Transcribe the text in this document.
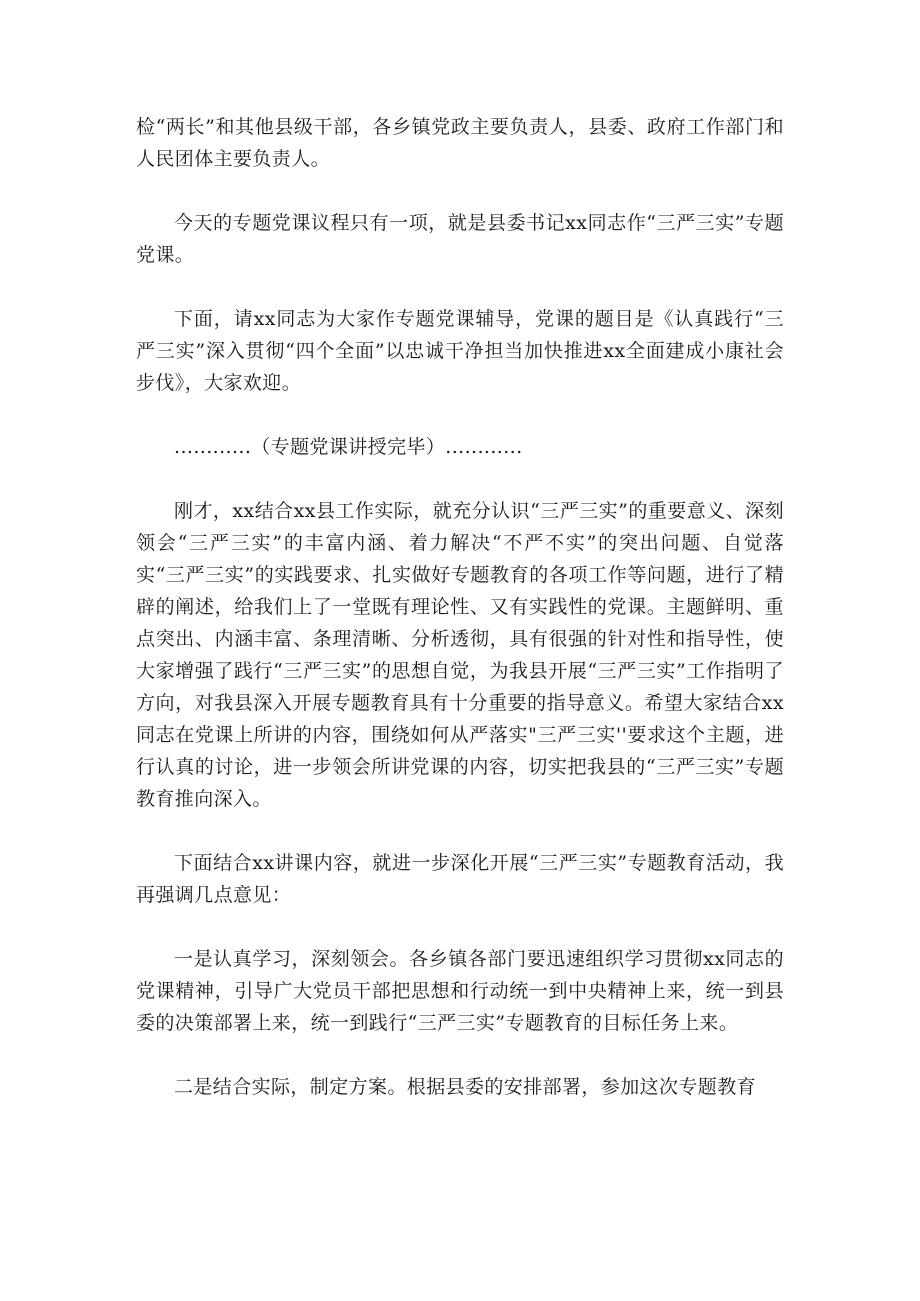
检“两长”和其他县级干部，各乡镇党政主要负责人，县委、政府工作部门和人民团体主要负责人。

今天的专题党课议程只有一项，就是县委书记xx同志作“三严三实”专题党课。

下面，请xx同志为大家作专题党课辅导，党课的题目是《认真践行“三严三实”深入贯彻“四个全面”以忠诚干净担当加快推进xx全面建成小康社会步伐》，大家欢迎。

............（专题党课讲授完毕）............

刚才，xx结合xx县工作实际，就充分认识“三严三实”的重要意义、深刻领会“三严三实”的丰富内涵、着力解决“不严不实”的突出问题、自觉落实“三严三实”的实践要求、扎实做好专题教育的各项工作等问题，进行了精辟的阐述，给我们上了一堂既有理论性、又有实践性的党课。主题鲜明、重点突出、内涵丰富、条理清晰、分析透彻，具有很强的针对性和指导性，使大家增强了践行“三严三实”的思想自觉，为我县开展“三严三实”工作指明了方向，对我县深入开展专题教育具有十分重要的指导意义。希望大家结合xx同志在党课上所讲的内容，围绕如何从严落实"三严三实''要求这个主题，进行认真的讨论，进一步领会所讲党课的内容，切实把我县的“三严三实”专题教育推向深入。

下面结合xx讲课内容，就进一步深化开展“三严三实”专题教育活动，我再强调几点意见：

一是认真学习，深刻领会。各乡镇各部门要迅速组织学习贯彻xx同志的党课精神，引导广大党员干部把思想和行动统一到中央精神上来，统一到县委的决策部署上来，统一到践行“三严三实”专题教育的目标任务上来。

二是结合实际，制定方案。根据县委的安排部署，参加这次专题教育
